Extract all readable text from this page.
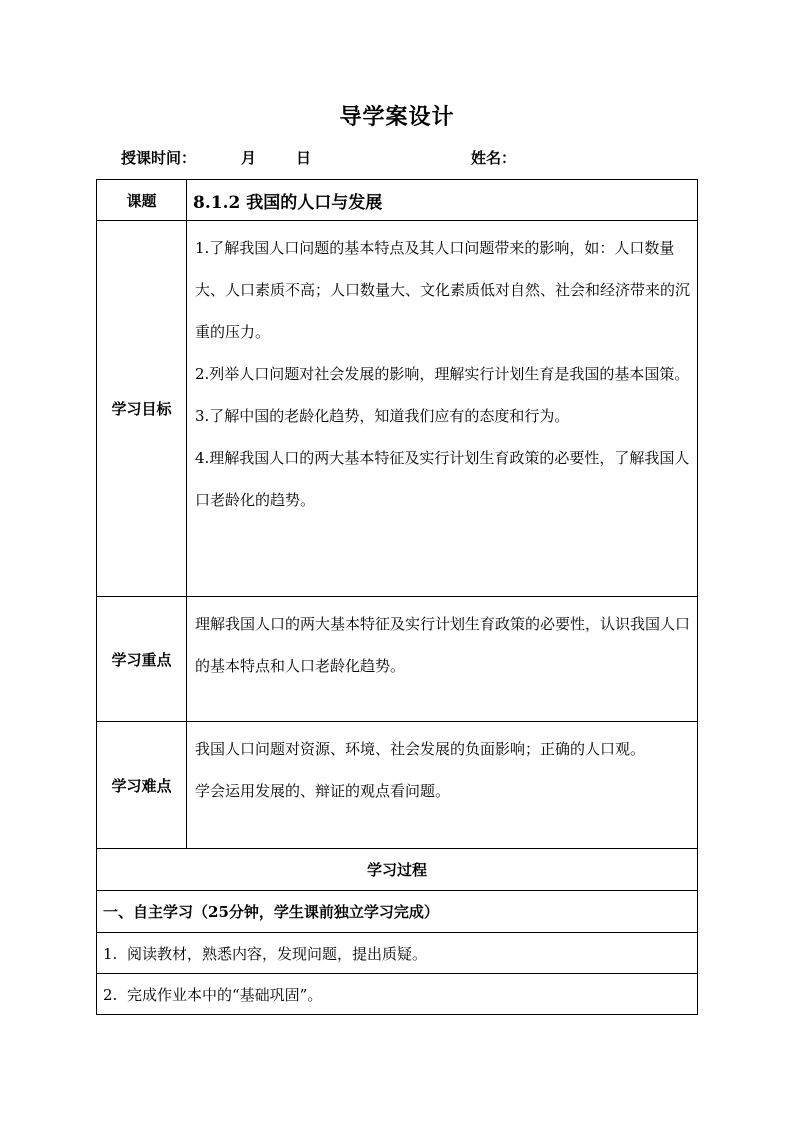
导学案设计
授课时间：	月	日	姓名：
课题	8.1.2 我国的人口与发展
学习目标	1.了解我国人口问题的基本特点及其人口问题带来的影响，如：人口数量大、人口素质不高；人口数量大、文化素质低对自然、社会和经济带来的沉重的压力。

2.列举人口问题对社会发展的影响，理解实行计划生育是我国的基本国策。

3.了解中国的老龄化趋势，知道我们应有的态度和行为。

4.理解我国人口的两大基本特征及实行计划生育政策的必要性，了解我国人口老龄化的趋势。

学习重点	理解我国人口的两大基本特征及实行计划生育政策的必要性，认识我国人口的基本特点和人口老龄化趋势。

学习难点	我国人口问题对资源、环境、社会发展的负面影响；正确的人口观。

学会运用发展的、辩证的观点看问题。

学习过程	
一、自主学习（25分钟，学生课前独立学习完成）	
1. 阅读教材，熟悉内容，发现问题，提出质疑。	
2. 完成作业本中的“基础巩固”。	
